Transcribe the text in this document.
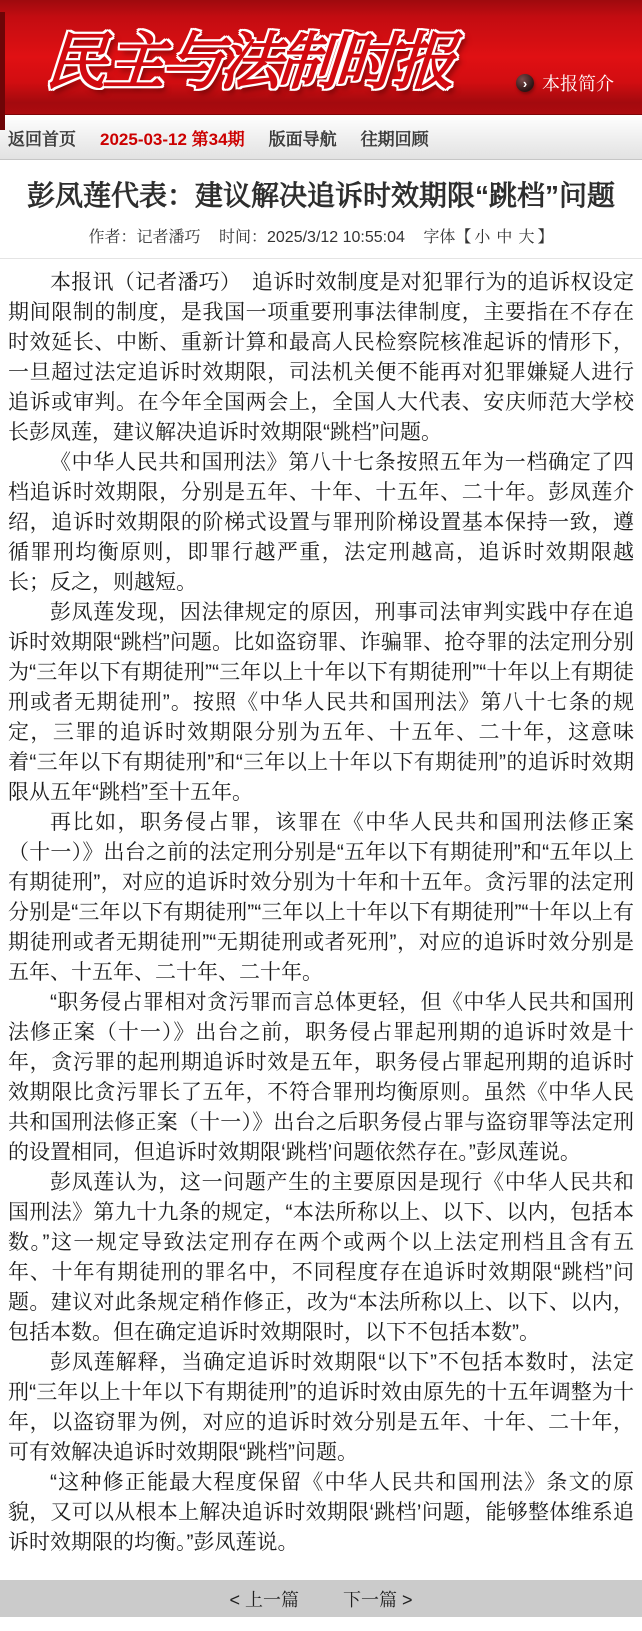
民主与法制时报	› 本报简介
返回首页 2025-03-12 第34期 版面导航 往期回顾
彭凤莲代表：建议解决追诉时效期限“跳档”问题
作者：记者潘巧 时间：2025/3/12 10:55:04 字体【 小 中 大 】

本报讯（记者潘巧）　追诉时效制度是对犯罪行为的追诉权设定期间限制的制度，是我国一项重要刑事法律制度，主要指在不存在时效延长、中断、重新计算和最高人民检察院核准起诉的情形下，一旦超过法定追诉时效期限，司法机关便不能再对犯罪嫌疑人进行追诉或审判。在今年全国两会上，全国人大代表、安庆师范大学校长彭凤莲，建议解决追诉时效期限“跳档”问题。

《中华人民共和国刑法》第八十七条按照五年为一档确定了四档追诉时效期限，分别是五年、十年、十五年、二十年。彭凤莲介绍，追诉时效期限的阶梯式设置与罪刑阶梯设置基本保持一致，遵循罪刑均衡原则，即罪行越严重，法定刑越高，追诉时效期限越长；反之，则越短。

彭凤莲发现，因法律规定的原因，刑事司法审判实践中存在追诉时效期限“跳档”问题。比如盗窃罪、诈骗罪、抢夺罪的法定刑分别为“三年以下有期徒刑”“三年以上十年以下有期徒刑”“十年以上有期徒刑或者无期徒刑”。按照《中华人民共和国刑法》第八十七条的规定，三罪的追诉时效期限分别为五年、十五年、二十年，这意味着“三年以下有期徒刑”和“三年以上十年以下有期徒刑”的追诉时效期限从五年“跳档”至十五年。

再比如，职务侵占罪，该罪在《中华人民共和国刑法修正案（十一）》出台之前的法定刑分别是“五年以下有期徒刑”和“五年以上有期徒刑”，对应的追诉时效分别为十年和十五年。贪污罪的法定刑分别是“三年以下有期徒刑”“三年以上十年以下有期徒刑”“十年以上有期徒刑或者无期徒刑”“无期徒刑或者死刑”，对应的追诉时效分别是五年、十五年、二十年、二十年。

“职务侵占罪相对贪污罪而言总体更轻，但《中华人民共和国刑法修正案（十一）》出台之前，职务侵占罪起刑期的追诉时效是十年，贪污罪的起刑期追诉时效是五年，职务侵占罪起刑期的追诉时效期限比贪污罪长了五年，不符合罪刑均衡原则。虽然《中华人民共和国刑法修正案（十一）》出台之后职务侵占罪与盗窃罪等法定刑的设置相同，但追诉时效期限‘跳档’问题依然存在。”彭凤莲说。

彭凤莲认为，这一问题产生的主要原因是现行《中华人民共和国刑法》第九十九条的规定，“本法所称以上、以下、以内，包括本数。”这一规定导致法定刑存在两个或两个以上法定刑档且含有五年、十年有期徒刑的罪名中，不同程度存在追诉时效期限“跳档”问题。建议对此条规定稍作修正，改为“本法所称以上、以下、以内，包括本数。但在确定追诉时效期限时，以下不包括本数”。

彭凤莲解释，当确定追诉时效期限“以下”不包括本数时，法定刑“三年以上十年以下有期徒刑”的追诉时效由原先的十五年调整为十年，以盗窃罪为例，对应的追诉时效分别是五年、十年、二十年，可有效解决追诉时效期限“跳档”问题。

“这种修正能最大程度保留《中华人民共和国刑法》条文的原貌，又可以从根本上解决追诉时效期限‘跳档’问题，能够整体维系追诉时效期限的均衡。”彭凤莲说。

< 上一篇 下一篇 >
